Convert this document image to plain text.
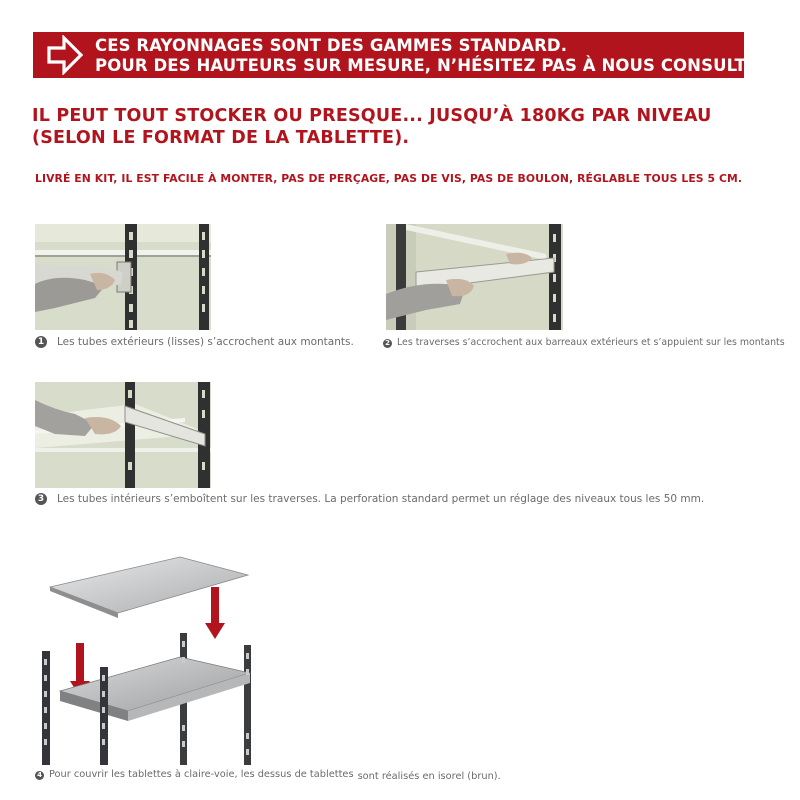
CES RAYONNAGES SONT DES GAMMES STANDARD.
POUR DES HAUTEURS SUR MESURE, N’HÉSITEZ PAS À NOUS CONSULTER !
IL PEUT TOUT STOCKER OU PRESQUE... JUSQU’À 180KG PAR NIVEAU
(SELON LE FORMAT DE LA TABLETTE).
LIVRÉ EN KIT, IL EST FACILE À MONTER, PAS DE PERÇAGE, PAS DE VIS, PAS DE BOULON, RÉGLABLE TOUS LES 5 CM.
1 Les tubes extérieurs (lisses) s’accrochent aux montants.	2 Les traverses s’accrochent aux barreaux extérieurs et s’appuient sur les montants
3 Les tubes intérieurs s’emboîtent sur les traverses. La perforation standard permet un réglage des niveaux tous les 50 mm.
4 Pour couvrir les tablettes à claire-voie, les dessus de tablettes sont réalisés en isorel (brun).
